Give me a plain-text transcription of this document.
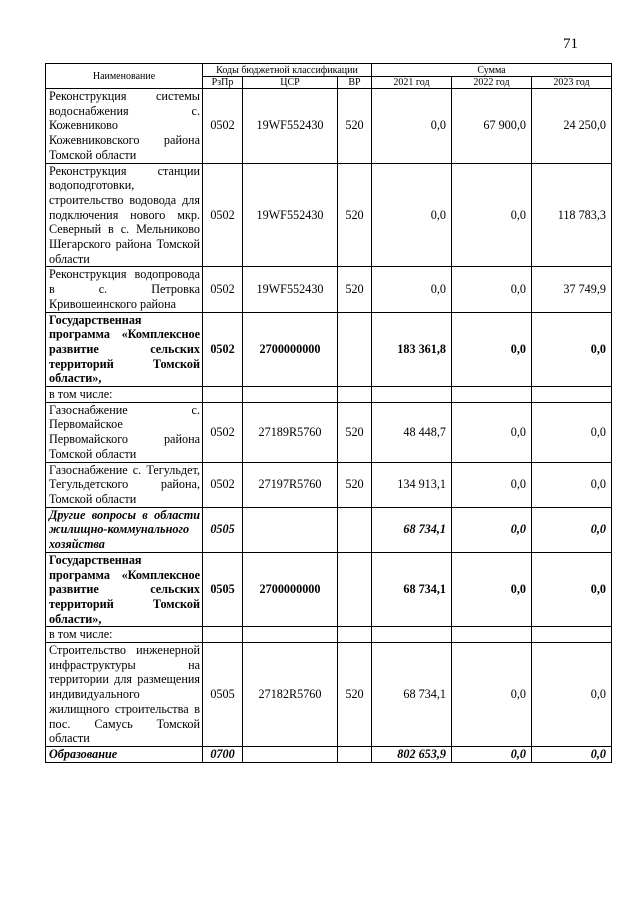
71
Наименование	Коды бюджетной классификации			Сумма		
	РзПр	ЦСР	ВР	2021 год	2022 год	2023 год
Реконструкция системы водоснабжения с. Кожевниково Кожевниковского района Томской области	0502	19WF552430	520	0,0	67 900,0	24 250,0
Реконструкция станции водоподготовки, строительство водовода для подключения нового мкр. Северный в с. Мельниково Шегарского района Томской области	0502	19WF552430	520	0,0	0,0	118 783,3
Реконструкция водопровода в с. Петровка Кривошеинского района	0502	19WF552430	520	0,0	0,0	37 749,9
Государственная программа «Комплексное развитие сельских территорий Томской области»,	0502	2700000000		183 361,8	0,0	0,0
в том числе:						
Газоснабжение с. Первомайское Первомайского района Томской области	0502	27189R5760	520	48 448,7	0,0	0,0
Газоснабжение с. Тегульдет, Тегульдетского района, Томской области	0502	27197R5760	520	134 913,1	0,0	0,0
Другие вопросы в области жилищно-коммунального хозяйства	0505			68 734,1	0,0	0,0
Государственная программа «Комплексное развитие сельских территорий Томской области»,	0505	2700000000		68 734,1	0,0	0,0
в том числе:						
Строительство инженерной инфраструктуры на территории для размещения индивидуального жилищного строительства в пос. Самусь Томской области	0505	27182R5760	520	68 734,1	0,0	0,0
Образование	0700			802 653,9	0,0	0,0
